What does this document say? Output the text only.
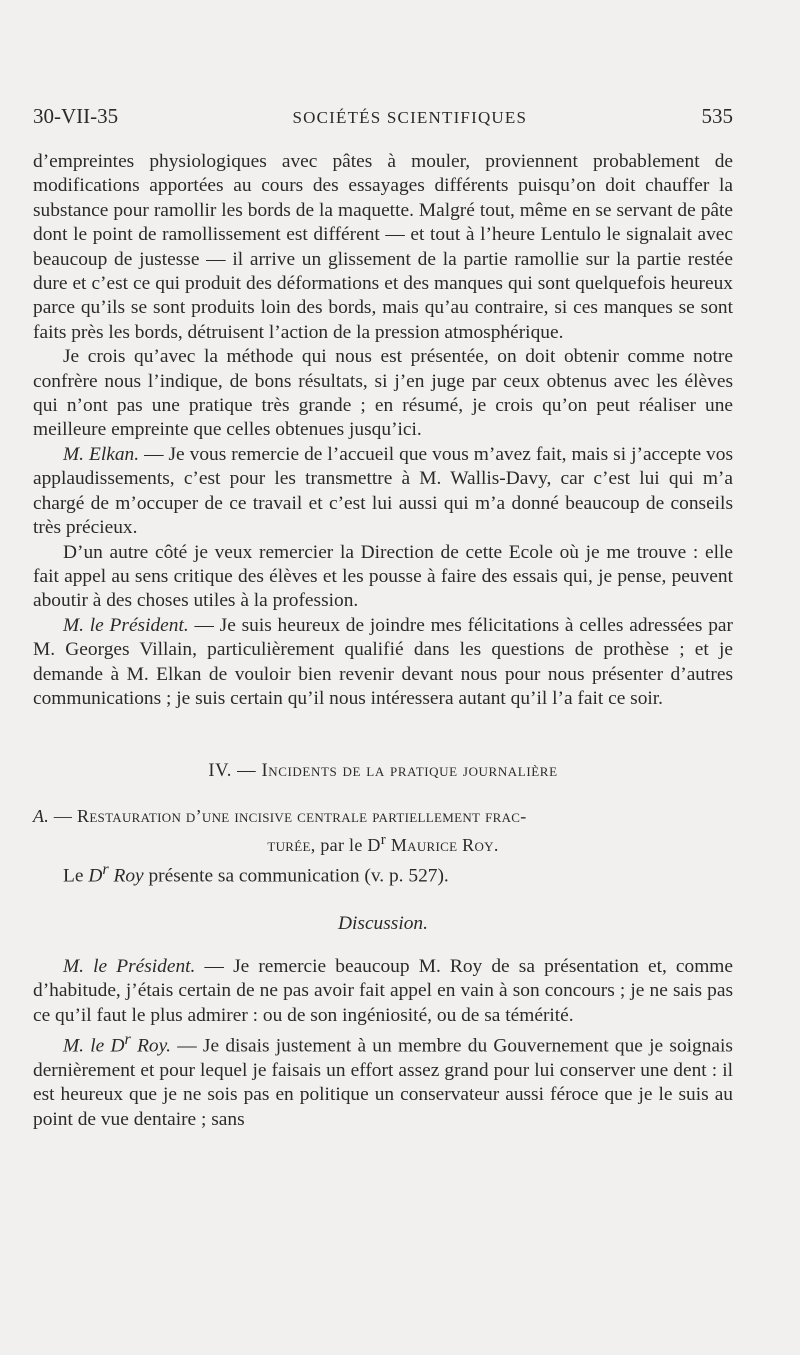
30-VII-35	SOCIÉTÉS SCIENTIFIQUES	535

d’empreintes physiologiques avec pâtes à mouler, proviennent probablement de modifications apportées au cours des essayages différents puisqu’on doit chauffer la substance pour ramollir les bords de la maquette. Malgré tout, même en se servant de pâte dont le point de ramollissement est différent — et tout à l’heure Lentulo le signalait avec beaucoup de justesse — il arrive un glissement de la partie ramollie sur la partie restée dure et c’est ce qui produit des déformations et des manques qui sont quelquefois heureux parce qu’ils se sont produits loin des bords, mais qu’au contraire, si ces manques se sont faits près les bords, détruisent l’action de la pression atmosphérique.

Je crois qu’avec la méthode qui nous est présentée, on doit obtenir comme notre confrère nous l’indique, de bons résultats, si j’en juge par ceux obtenus avec les élèves qui n’ont pas une pratique très grande ; en résumé, je crois qu’on peut réaliser une meilleure empreinte que celles obtenues jusqu’ici.

M. Elkan. — Je vous remercie de l’accueil que vous m’avez fait, mais si j’accepte vos applaudissements, c’est pour les transmettre à M. Wallis-Davy, car c’est lui qui m’a chargé de m’occuper de ce travail et c’est lui aussi qui m’a donné beaucoup de conseils très précieux.

D’un autre côté je veux remercier la Direction de cette Ecole où je me trouve : elle fait appel au sens critique des élèves et les pousse à faire des essais qui, je pense, peuvent aboutir à des choses utiles à la profession.

M. le Président. — Je suis heureux de joindre mes félicitations à celles adressées par M. Georges Villain, particulièrement qualifié dans les questions de prothèse ; et je demande à M. Elkan de vouloir bien revenir devant nous pour nous présenter d’autres communications ; je suis certain qu’il nous intéressera autant qu’il l’a fait ce soir.

IV. — Incidents de la pratique journalière
A. — Restauration d’une incisive centrale partiellement frac-
turée, par le $D^r$ Maurice Roy.

Le $D^r$ Roy présente sa communication (v. p. 527).

Discussion.

M. le Président. — Je remercie beaucoup M. Roy de sa présentation et, comme d’habitude, j’étais certain de ne pas avoir fait appel en vain à son concours ; je ne sais pas ce qu’il faut le plus admirer : ou de son ingéniosité, ou de sa témérité.

M. le $D^r$ Roy. — Je disais justement à un membre du Gouvernement que je soignais dernièrement et pour lequel je faisais un effort assez grand pour lui conserver une dent : il est heureux que je ne sois pas en politique un conservateur aussi féroce que je le suis au point de vue dentaire ; sans
